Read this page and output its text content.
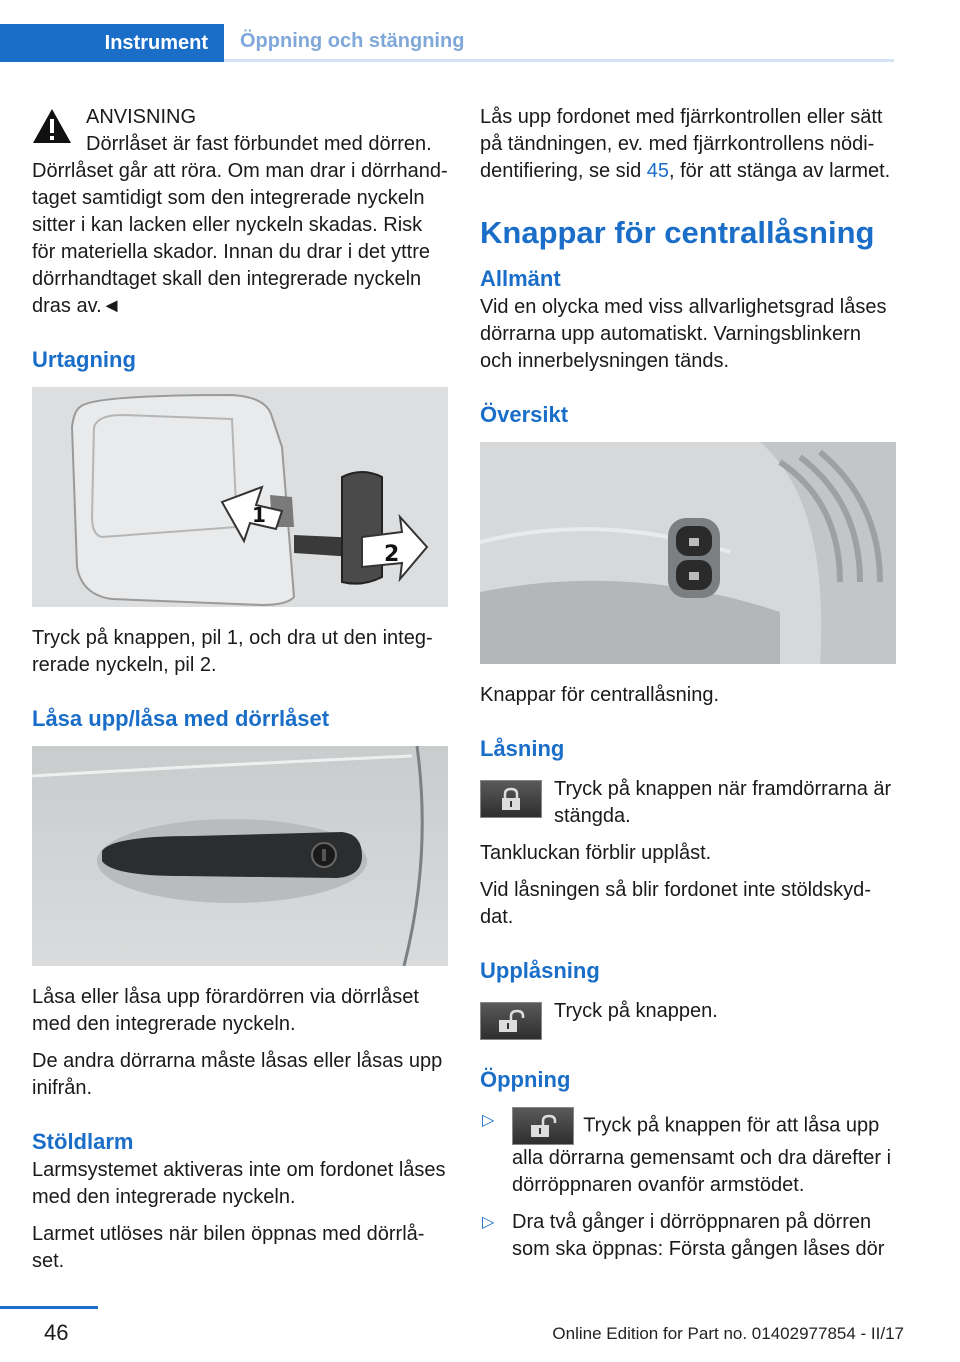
Instrument	Öppning och stängning
ANVISNING
Dörrlåset är fast förbundet med dörren.

Dörrlåset går att röra. Om man drar i dörrhandtaget samtidigt som den integrerade nyckeln sitter i kan lacken eller nyckeln skadas. Risk för materiella skador. Innan du drar i det yttre dörrhandtaget skall den integrerade nyckeln dras av.◄

Urtagning
1
2

Tryck på knappen, pil 1, och dra ut den integrerade nyckeln, pil 2.

Låsa upp/låsa med dörrlåset

Låsa eller låsa upp förardörren via dörrlåset med den integrerade nyckeln.

De andra dörrarna måste låsas eller låsas upp inifrån.

Stöldlarm

Larmsystemet aktiveras inte om fordonet låses med den integrerade nyckeln.

Larmet utlöses när bilen öppnas med dörrlåset.

Lås upp fordonet med fjärrkontrollen eller sätt på tändningen, ev. med fjärrkontrollens nödidentifiering, se sid 45, för att stänga av larmet.

Knappar för centrallåsning
Allmänt

Vid en olycka med viss allvarlighetsgrad låses dörrarna upp automatiskt. Varningsblinkern och innerbelysningen tänds.

Översikt

Knappar för centrallåsning.

Låsning
Tryck på knappen när framdörrarna är stängda.

Tankluckan förblir upplåst.

Vid låsningen så blir fordonet inte stöldskyddat.

Upplåsning
Tryck på knappen.
Öppning
▷	Tryck på knappen för att låsa upp alla dörrarna gemensamt och dra därefter i dörröppnaren ovanför armstödet.
▷ Dra två gånger i dörröppnaren på dörren som ska öppnas: Första gången låses dör
46	Online Edition for Part no. 01402977854 - II/17
